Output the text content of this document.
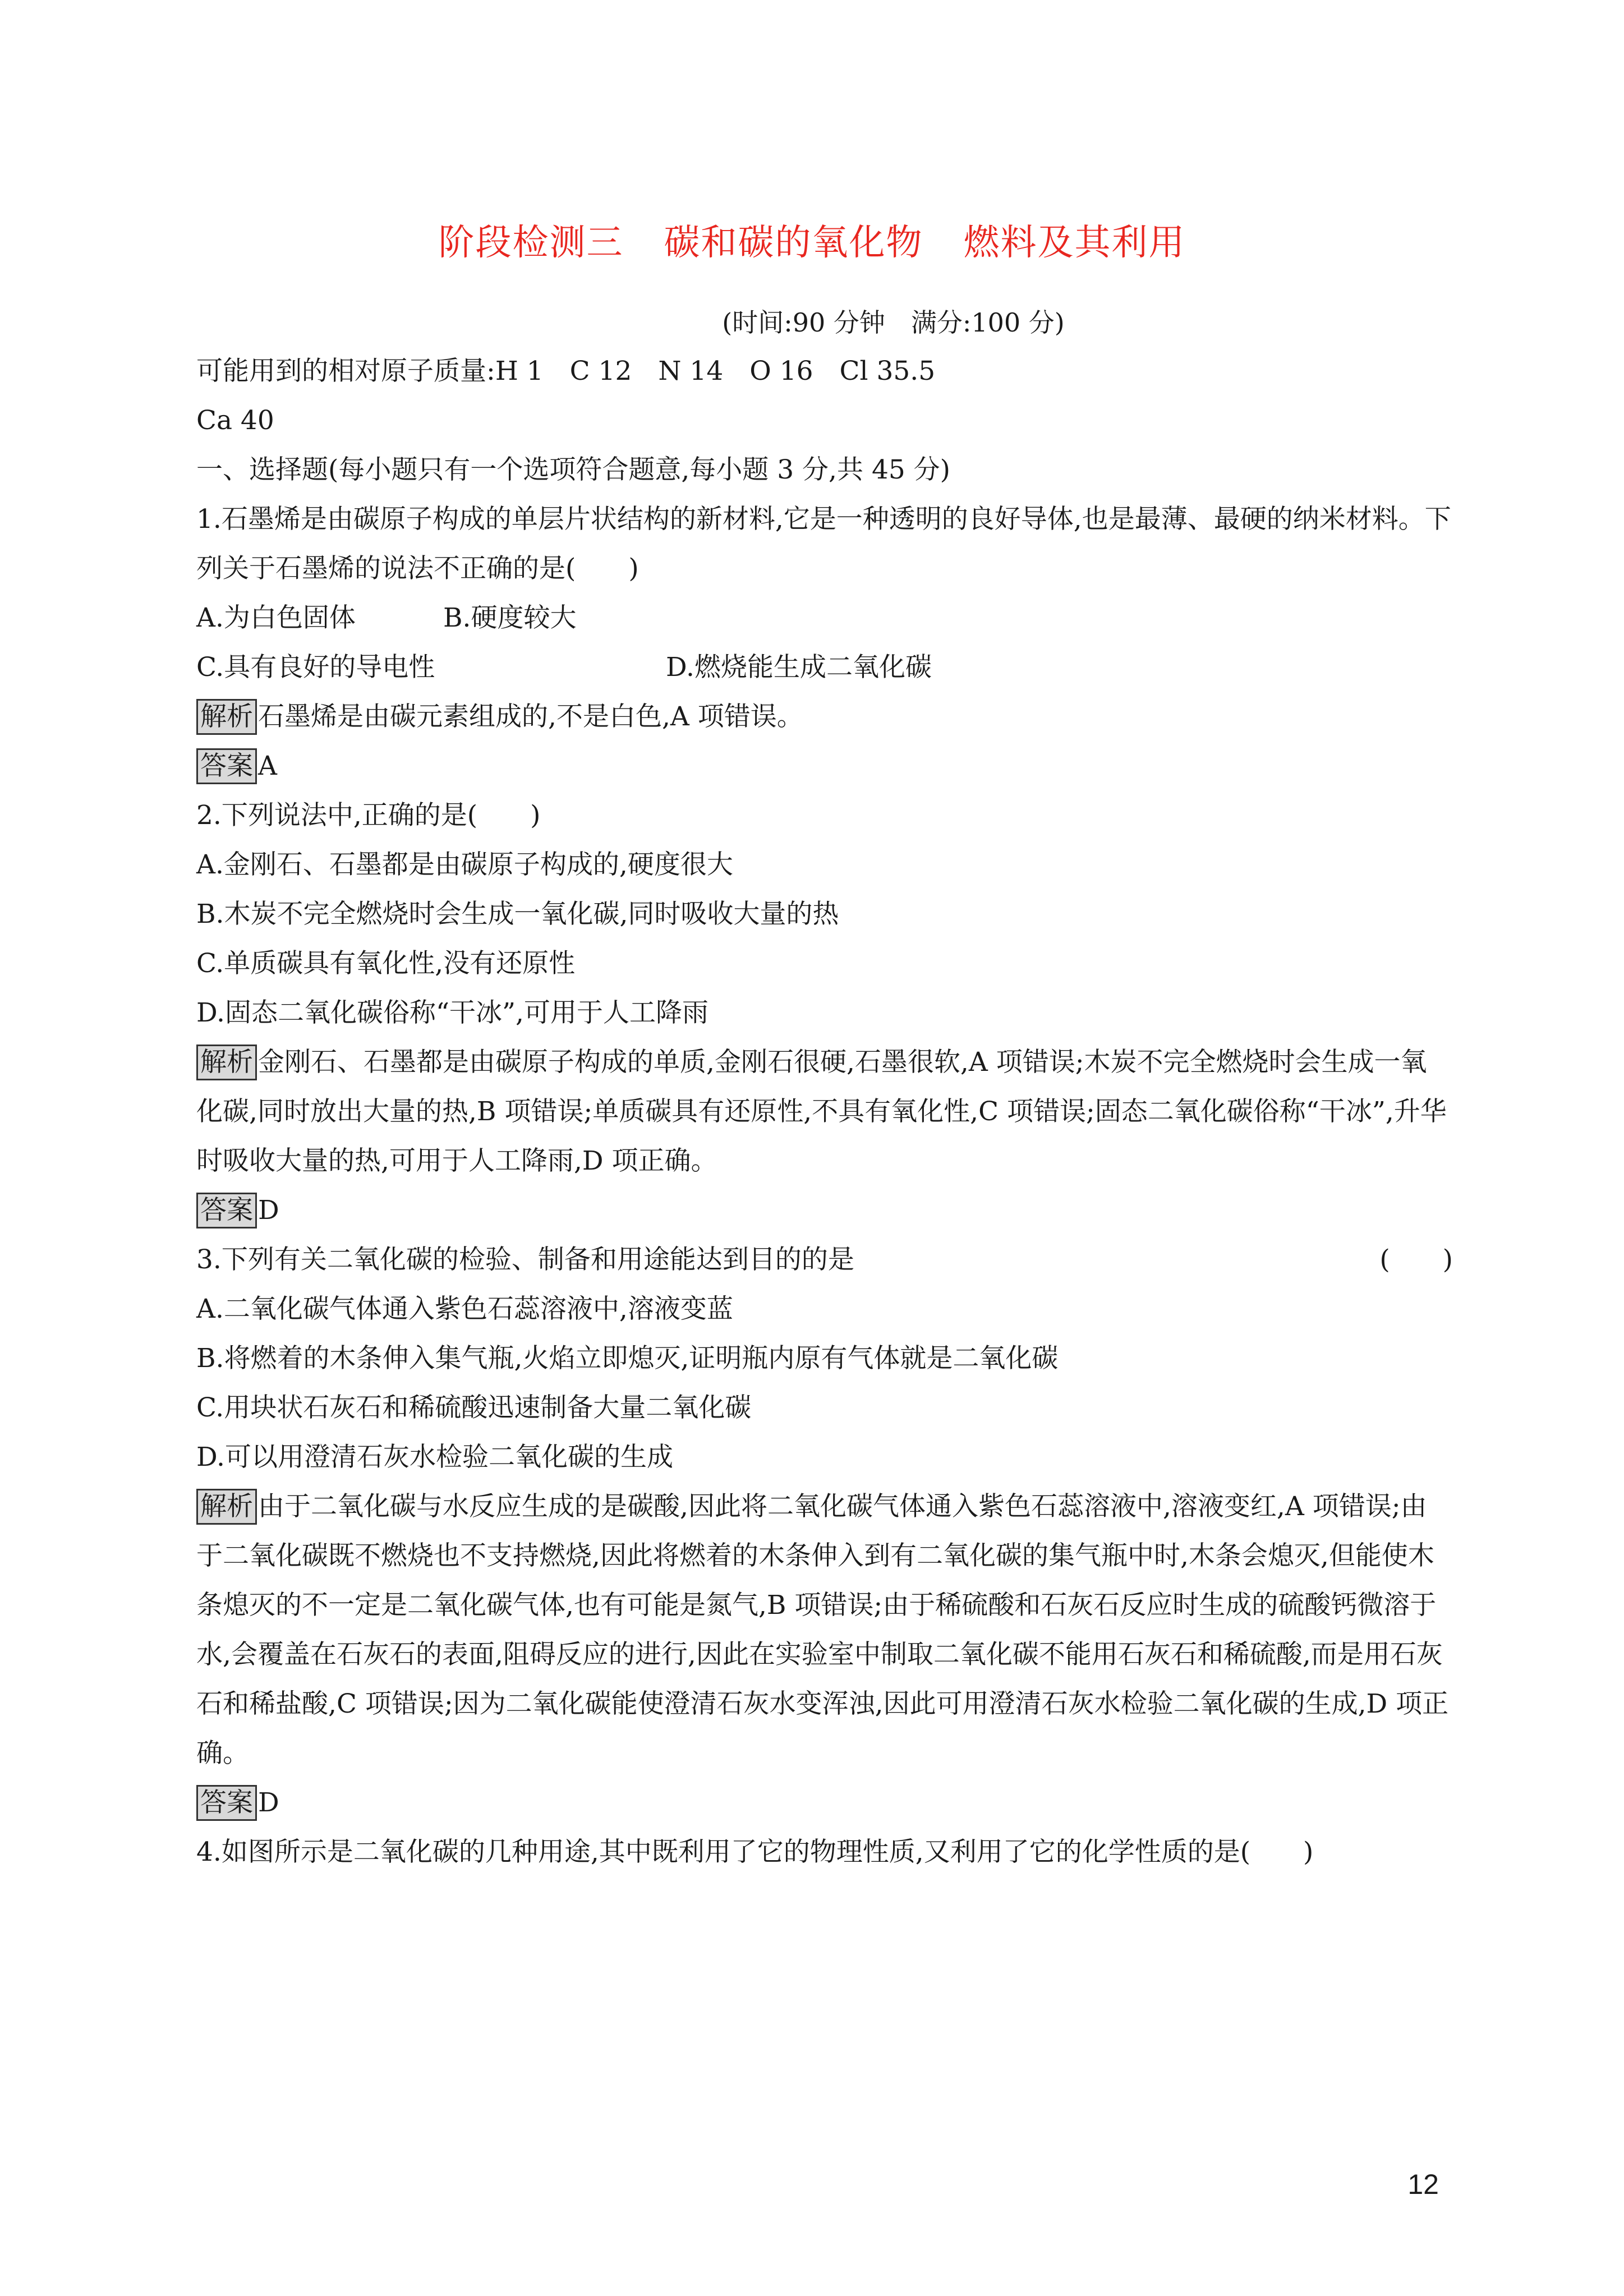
阶段检测三 碳和碳的氧化物 燃料及其利用
(时间:90 分钟　满分:100 分)
可能用到的相对原子质量:H 1　C 12　N 14　O 16　Cl 35.5
Ca 40
一、选择题(每小题只有一个选项符合题意,每小题 3 分,共 45 分)
1.石墨烯是由碳原子构成的单层片状结构的新材料,它是一种透明的良好导体,也是最薄、最硬的纳米材料。下列关于石墨烯的说法不正确的是(　　)
A.为白色固体	B.硬度较大
C.具有良好的导电性	D.燃烧能生成二氧化碳
解析 石墨烯是由碳元素组成的,不是白色,A 项错误。
答案 A
2.下列说法中,正确的是(　　)
A.金刚石、石墨都是由碳原子构成的,硬度很大
B.木炭不完全燃烧时会生成一氧化碳,同时吸收大量的热
C.单质碳具有氧化性,没有还原性
D.固态二氧化碳俗称“干冰”,可用于人工降雨
解析 金刚石、石墨都是由碳原子构成的单质,金刚石很硬,石墨很软,A 项错误;木炭不完全燃烧时会生成一氧化碳,同时放出大量的热,B 项错误;单质碳具有还原性,不具有氧化性,C 项错误;固态二氧化碳俗称“干冰”,升华时吸收大量的热,可用于人工降雨,D 项正确。
答案 D
3.下列有关二氧化碳的检验、制备和用途能达到目的的是	(　　)
A.二氧化碳气体通入紫色石蕊溶液中,溶液变蓝
B.将燃着的木条伸入集气瓶,火焰立即熄灭,证明瓶内原有气体就是二氧化碳
C.用块状石灰石和稀硫酸迅速制备大量二氧化碳
D.可以用澄清石灰水检验二氧化碳的生成
解析 由于二氧化碳与水反应生成的是碳酸,因此将二氧化碳气体通入紫色石蕊溶液中,溶液变红,A 项错误;由于二氧化碳既不燃烧也不支持燃烧,因此将燃着的木条伸入到有二氧化碳的集气瓶中时,木条会熄灭,但能使木条熄灭的不一定是二氧化碳气体,也有可能是氮气,B 项错误;由于稀硫酸和石灰石反应时生成的硫酸钙微溶于水,会覆盖在石灰石的表面,阻碍反应的进行,因此在实验室中制取二氧化碳不能用石灰石和稀硫酸,而是用石灰石和稀盐酸,C 项错误;因为二氧化碳能使澄清石灰水变浑浊,因此可用澄清石灰水检验二氧化碳的生成,D 项正确。
答案 D
4.如图所示是二氧化碳的几种用途,其中既利用了它的物理性质,又利用了它的化学性质的是(　　)
12
